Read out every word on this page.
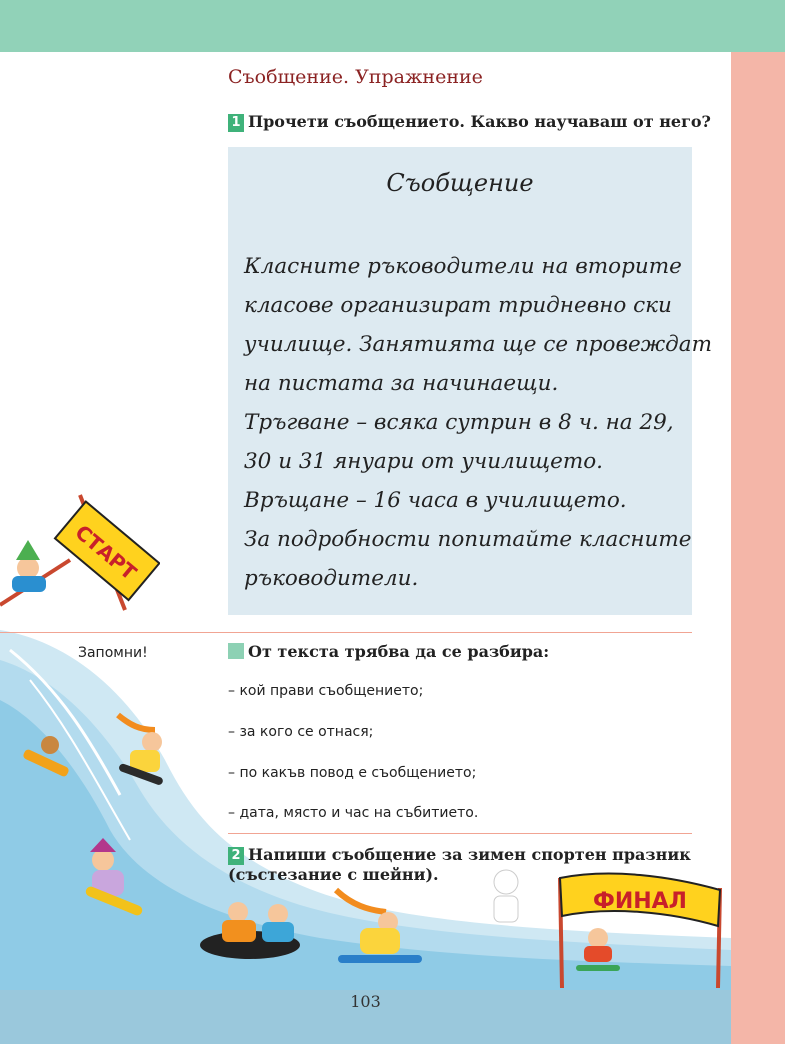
Съобщение. Упражнение
1 Прочети съобщението. Какво научаваш от него?
Съобщение

Класните ръководители на вторите
класове организират тридневно ски
училище. Занятията ще се провеждат
на пистата за начинаещи.
Тръгване – всяка сутрин в 8 ч. на 29,
30 и 31 януари от училището.
Връщане – 16 часа в училището.
За подробности попитайте класните
ръководители.

СТАРТ
Запомни!	От текста трябва да се разбира:
– кой прави съобщението;
– за кого се отнася;
– по какъв повод е съобщението;
– дата, място и час на събитието.
2 Напиши съобщение за зимен спортен празник (състезание с шейни).
ФИНАЛ
103
